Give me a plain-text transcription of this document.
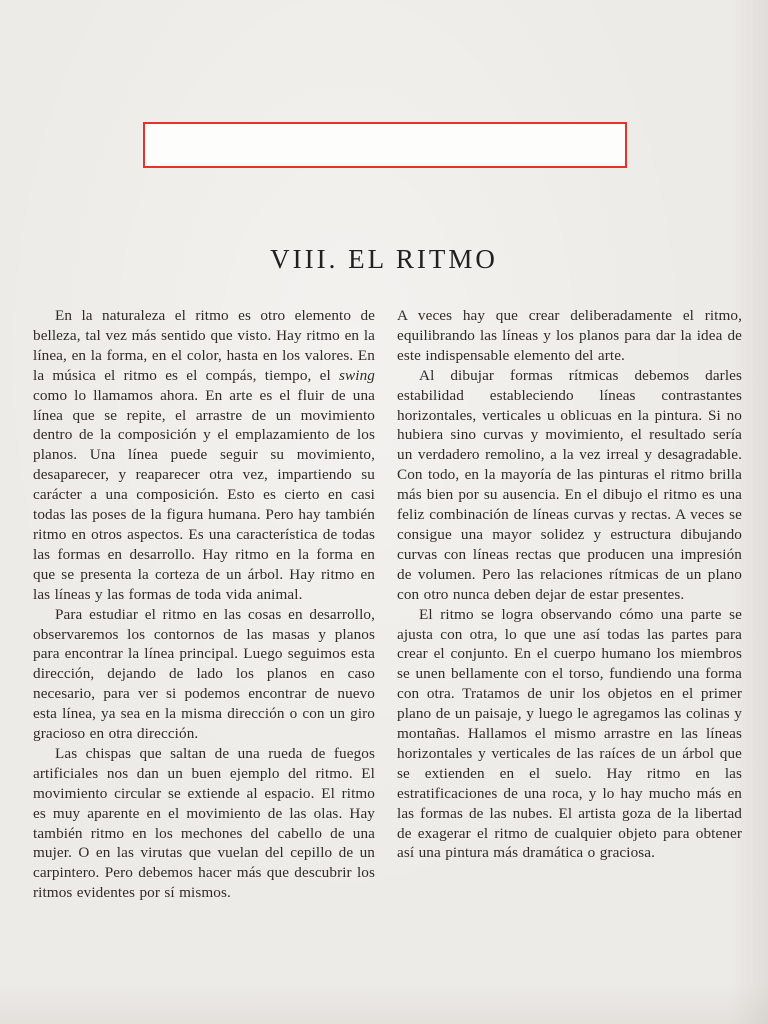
VIII. EL RITMO

En la naturaleza el ritmo es otro elemento de belleza, tal vez más sentido que visto. Hay ritmo en la línea, en la forma, en el color, hasta en los valores. En la música el ritmo es el compás, tiempo, el swing como lo llamamos ahora. En arte es el fluir de una línea que se repite, el arrastre de un movimiento dentro de la composición y el emplazamiento de los planos. Una línea puede seguir su movimiento, desaparecer, y reaparecer otra vez, impartiendo su carácter a una composición. Esto es cierto en casi todas las poses de la figura humana. Pero hay también ritmo en otros aspectos. Es una característica de todas las formas en desarrollo. Hay ritmo en la forma en que se presenta la corteza de un árbol. Hay ritmo en las líneas y las formas de toda vida animal.

Para estudiar el ritmo en las cosas en desarrollo, observaremos los contornos de las masas y planos para encontrar la línea principal. Luego seguimos esta dirección, dejando de lado los planos en caso necesario, para ver si podemos encontrar de nuevo esta línea, ya sea en la misma dirección o con un giro gracioso en otra dirección.

Las chispas que saltan de una rueda de fuegos artificiales nos dan un buen ejemplo del ritmo. El movimiento circular se extiende al espacio. El ritmo es muy aparente en el movimiento de las olas. Hay también ritmo en los mechones del cabello de una mujer. O en las virutas que vuelan del cepillo de un carpintero. Pero debemos hacer más que descubrir los ritmos evidentes por sí mismos.

A veces hay que crear deliberadamente el ritmo, equilibrando las líneas y los planos para dar la idea de este indispensable elemento del arte.

Al dibujar formas rítmicas debemos darles estabilidad estableciendo líneas contrastantes horizontales, verticales u oblicuas en la pintura. Si no hubiera sino curvas y movimiento, el resultado sería un verdadero remolino, a la vez irreal y desagradable. Con todo, en la mayoría de las pinturas el ritmo brilla más bien por su ausencia. En el dibujo el ritmo es una feliz combinación de líneas curvas y rectas. A veces se consigue una mayor solidez y estructura dibujando curvas con líneas rectas que producen una impresión de volumen. Pero las relaciones rítmicas de un plano con otro nunca deben dejar de estar presentes.

El ritmo se logra observando cómo una parte se ajusta con otra, lo que une así todas las partes para crear el conjunto. En el cuerpo humano los miembros se unen bellamente con el torso, fundiendo una forma con otra. Tratamos de unir los objetos en el primer plano de un paisaje, y luego le agregamos las colinas y montañas. Hallamos el mismo arrastre en las líneas horizontales y verticales de las raíces de un árbol que se extienden en el suelo. Hay ritmo en las estratificaciones de una roca, y lo hay mucho más en las formas de las nubes. El artista goza de la libertad de exagerar el ritmo de cualquier objeto para obtener así una pintura más dramática o graciosa.
